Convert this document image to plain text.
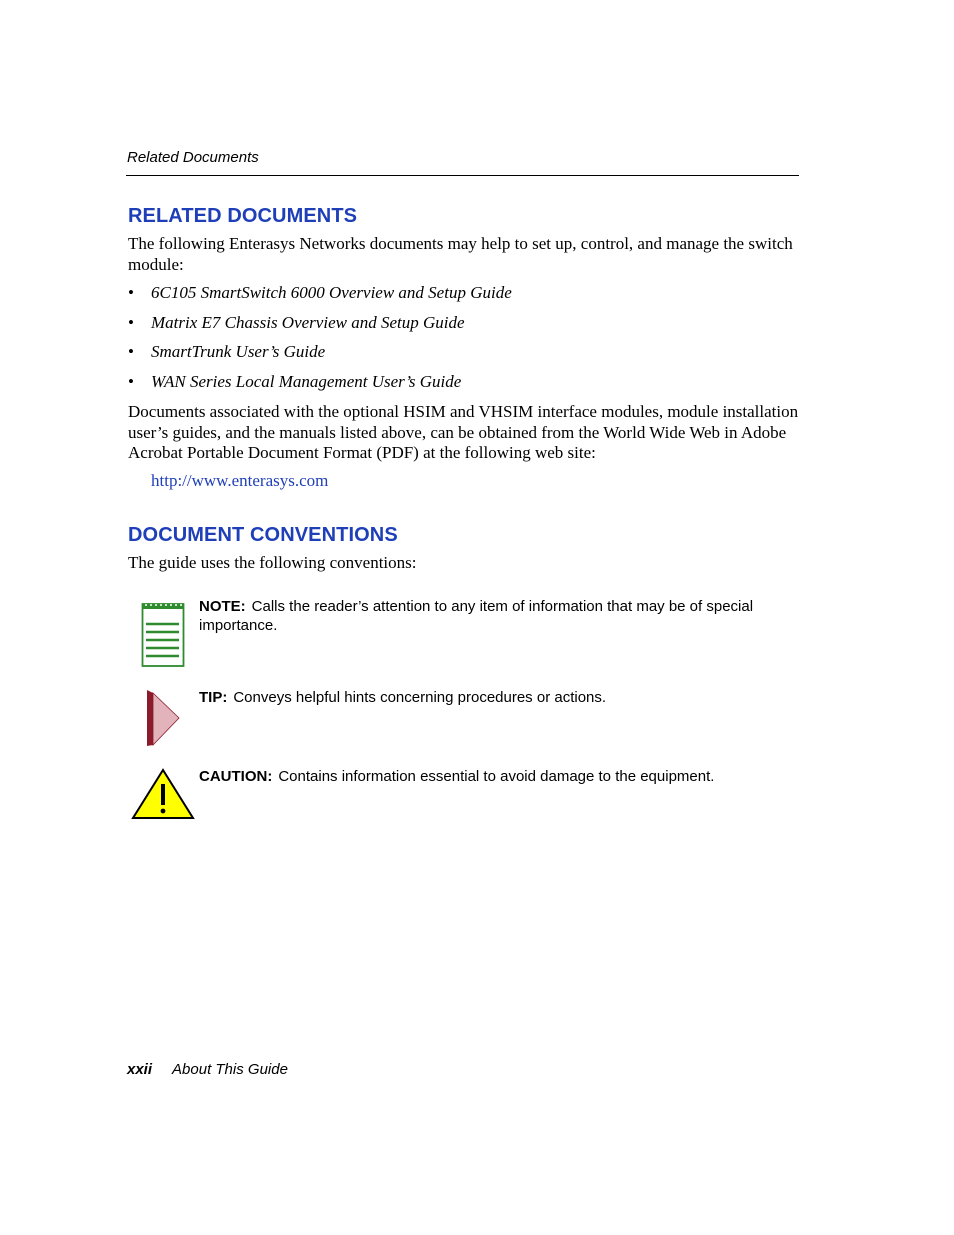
Related Documents
RELATED DOCUMENTS
The following Enterasys Networks documents may help to set up, control, and manage the switch module:
• 6C105 SmartSwitch 6000 Overview and Setup Guide
• Matrix E7 Chassis Overview and Setup Guide
• SmartTrunk User’s Guide
• WAN Series Local Management User’s Guide
Documents associated with the optional HSIM and VHSIM interface modules, module installation user’s guides, and the manuals listed above, can be obtained from the World Wide Web in Adobe Acrobat Portable Document Format (PDF) at the following web site:
http://www.enterasys.com
DOCUMENT CONVENTIONS
The guide uses the following conventions:
NOTE: Calls the reader’s attention to any item of information that may be of special importance.
TIP: Conveys helpful hints concerning procedures or actions.
CAUTION: Contains information essential to avoid damage to the equipment.
xxii About This Guide
